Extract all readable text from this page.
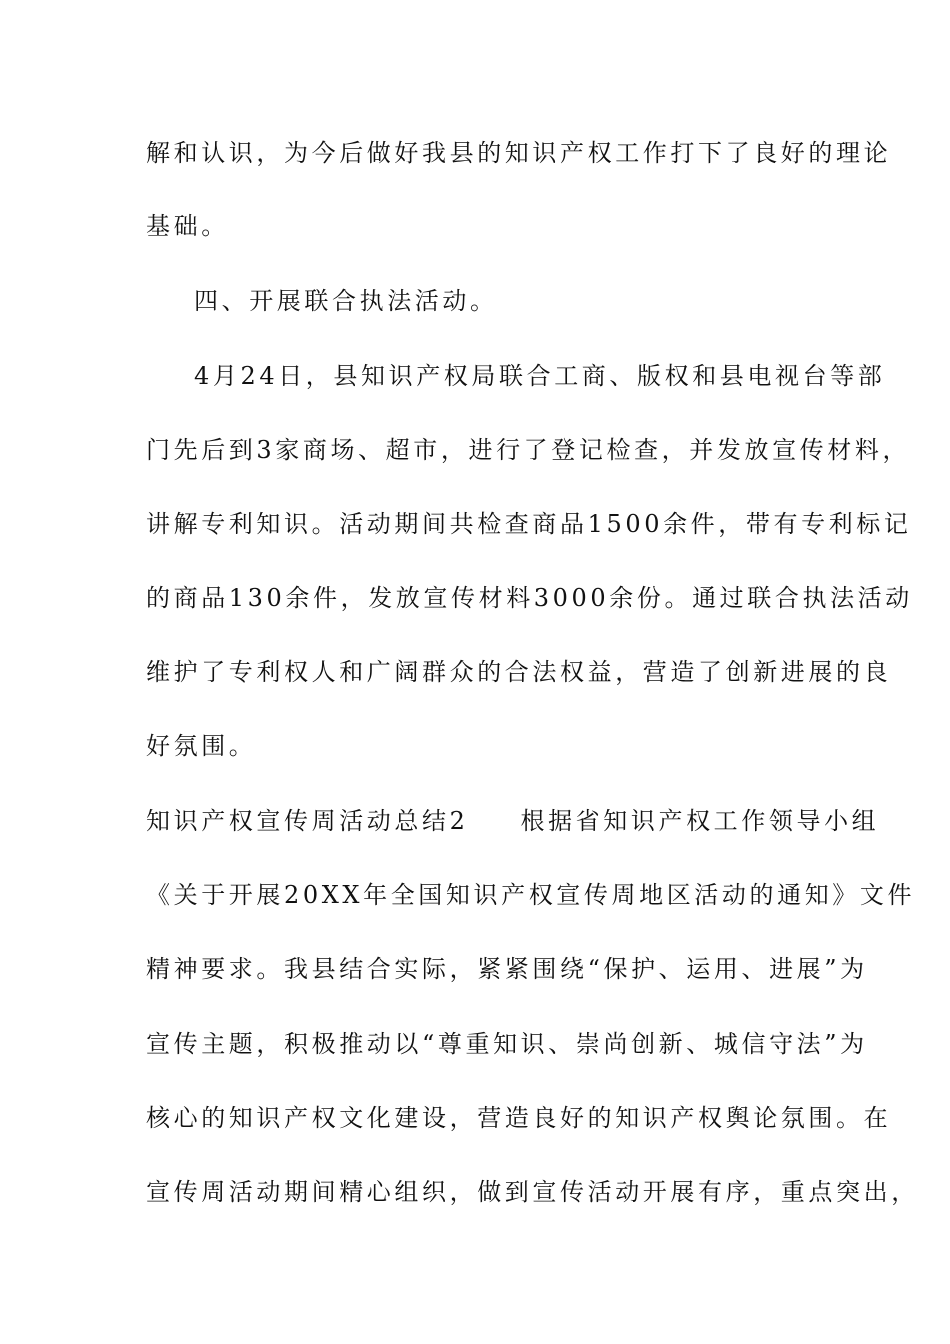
解和认识，为今后做好我县的知识产权工作打下了良好的理论
基础。
四、开展联合执法活动。
4月24日，县知识产权局联合工商、版权和县电视台等部
门先后到3家商场、超市，进行了登记检查，并发放宣传材料，
讲解专利知识。活动期间共检查商品1500余件，带有专利标记
的商品130余件，发放宣传材料3000余份。通过联合执法活动
维护了专利权人和广阔群众的合法权益，营造了创新进展的良
好氛围。
知识产权宣传周活动总结2 根据省知识产权工作领导小组
《关于开展20XX年全国知识产权宣传周地区活动的通知》文件
精神要求。我县结合实际，紧紧围绕“保护、运用、进展”为
宣传主题，积极推动以“尊重知识、崇尚创新、城信守法”为
核心的知识产权文化建设，营造良好的知识产权舆论氛围。在
宣传周活动期间精心组织，做到宣传活动开展有序，重点突出，
